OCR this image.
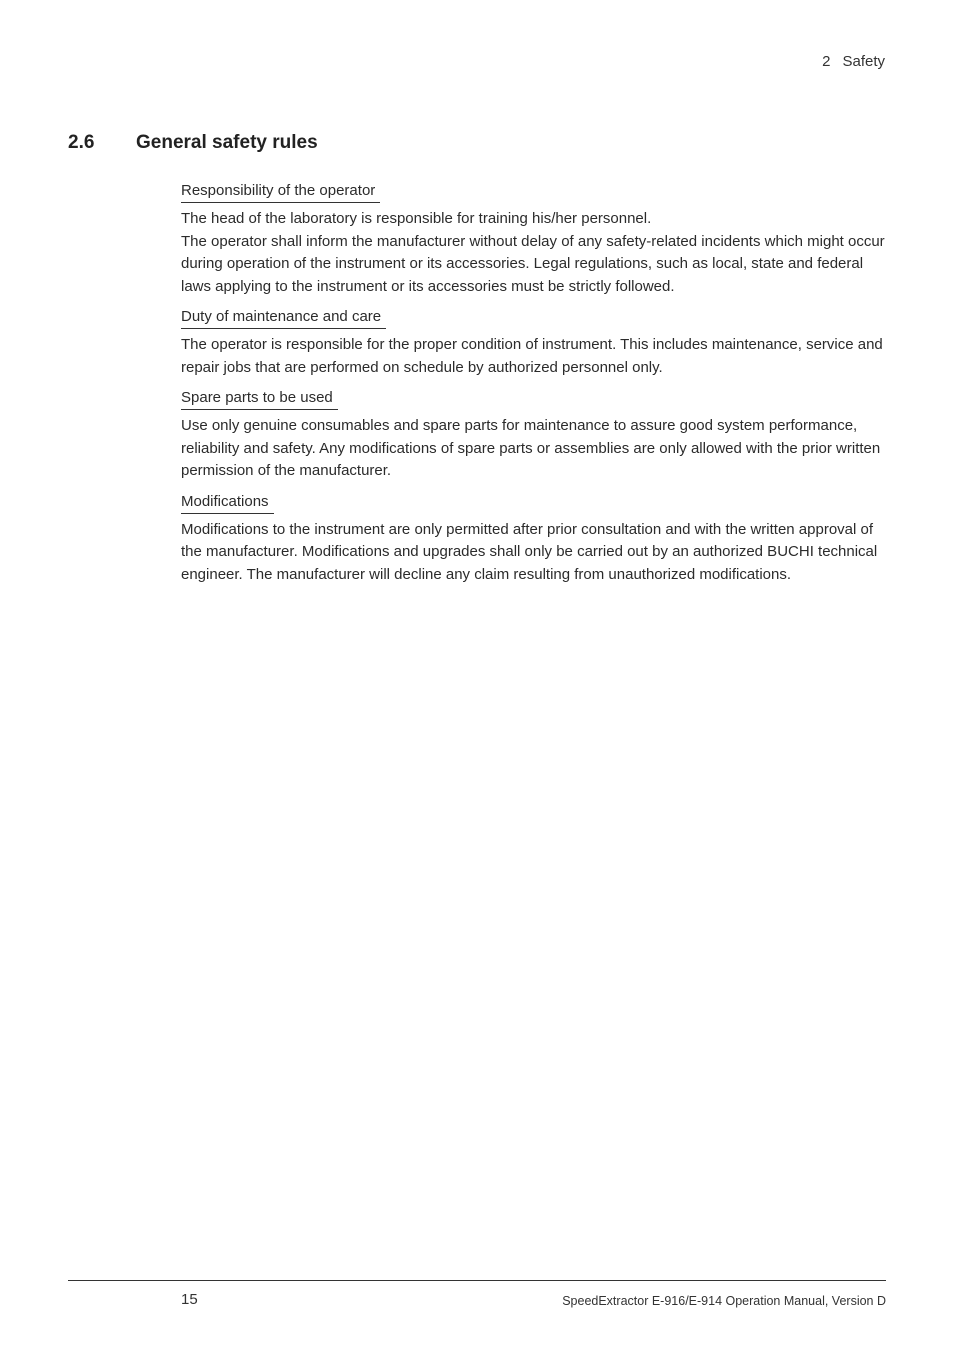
2 Safety
2.6 General safety rules
Responsibility of the operator

The head of the laboratory is responsible for training his/her personnel.

The operator shall inform the manufacturer without delay of any safety-related incidents which might occur during operation of the instrument or its accessories. Legal regulations, such as local, state and federal laws applying to the instrument or its accessories must be strictly followed.

Duty of maintenance and care

The operator is responsible for the proper condition of instrument. This includes maintenance, service and repair jobs that are performed on schedule by authorized personnel only.

Spare parts to be used

Use only genuine consumables and spare parts for maintenance to assure good system performance, reliability and safety. Any modifications of spare parts or assemblies are only allowed with the prior written permission of the manufacturer.

Modifications

Modifications to the instrument are only permitted after prior consultation and with the written approval of the manufacturer. Modifications and upgrades shall only be carried out by an authorized BUCHI technical engineer. The manufacturer will decline any claim resulting from unauthorized modifications.

15	SpeedExtractor E-916/E-914 Operation Manual, Version D
